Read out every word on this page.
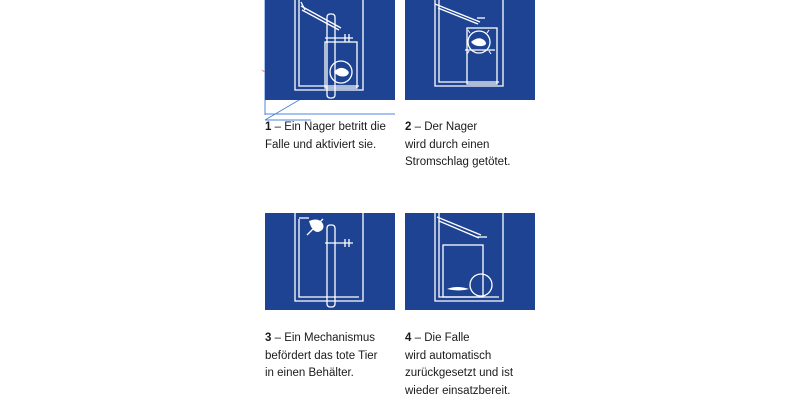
1 – Ein Nager betritt die
Falle und aktiviert sie.
2 – Der Nager
wird durch einen
Stromschlag getötet.
3 – Ein Mechanismus
befördert das tote Tier
in einen Behälter.
4 – Die Falle
wird automatisch
zurückgesetzt und ist
wieder einsatzbereit.
